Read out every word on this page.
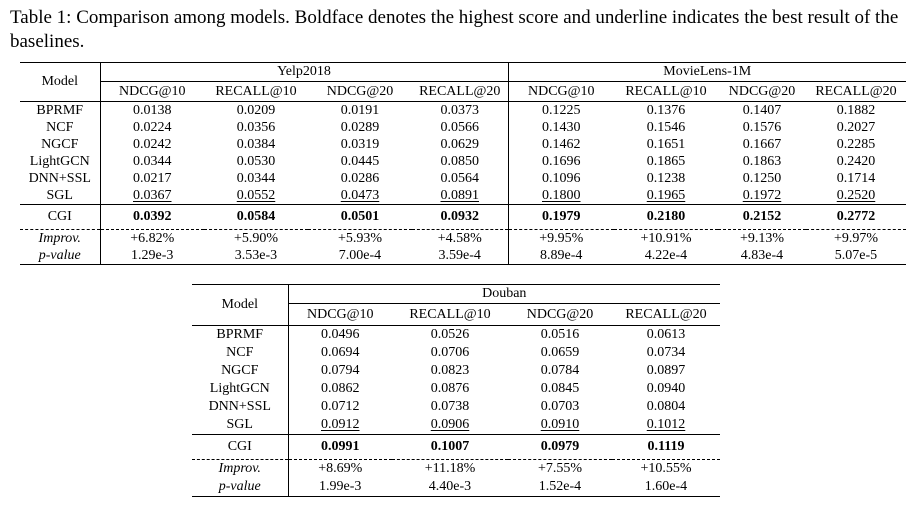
Table 1: Comparison among models. Boldface denotes the highest score and underline indicates the best result of the baselines.
Model	Yelp2018				MovieLens-1M			
	NDCG@10	RECALL@10	NDCG@20	RECALL@20	NDCG@10	RECALL@10	NDCG@20	RECALL@20
BPRMF	0.0138	0.0209	0.0191	0.0373	0.1225	0.1376	0.1407	0.1882
NCF	0.0224	0.0356	0.0289	0.0566	0.1430	0.1546	0.1576	0.2027
NGCF	0.0242	0.0384	0.0319	0.0629	0.1462	0.1651	0.1667	0.2285
LightGCN	0.0344	0.0530	0.0445	0.0850	0.1696	0.1865	0.1863	0.2420
DNN+SSL	0.0217	0.0344	0.0286	0.0564	0.1096	0.1238	0.1250	0.1714
SGL	0.0367	0.0552	0.0473	0.0891	0.1800	0.1965	0.1972	0.2520
CGI	0.0392	0.0584	0.0501	0.0932	0.1979	0.2180	0.2152	0.2772
Improv.	+6.82%	+5.90%	+5.93%	+4.58%	+9.95%	+10.91%	+9.13%	+9.97%
p-value	1.29e-3	3.53e-3	7.00e-4	3.59e-4	8.89e-4	4.22e-4	4.83e-4	5.07e-5
Model	Douban			
	NDCG@10	RECALL@10	NDCG@20	RECALL@20
BPRMF	0.0496	0.0526	0.0516	0.0613
NCF	0.0694	0.0706	0.0659	0.0734
NGCF	0.0794	0.0823	0.0784	0.0897
LightGCN	0.0862	0.0876	0.0845	0.0940
DNN+SSL	0.0712	0.0738	0.0703	0.0804
SGL	0.0912	0.0906	0.0910	0.1012
CGI	0.0991	0.1007	0.0979	0.1119
Improv.	+8.69%	+11.18%	+7.55%	+10.55%
p-value	1.99e-3	4.40e-3	1.52e-4	1.60e-4
